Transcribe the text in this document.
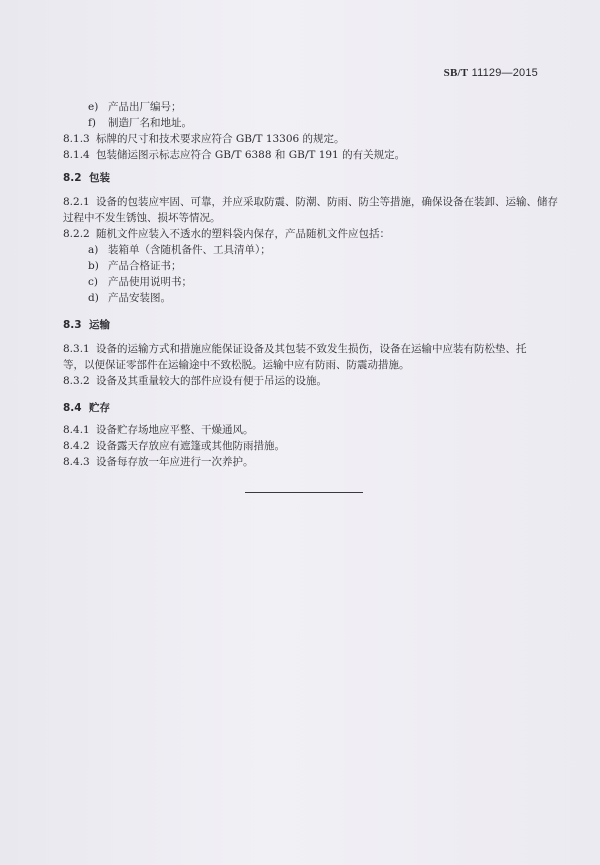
SB/T 11129—2015
e) 产品出厂编号；
f) 制造厂名和地址。
8.1.3 标牌的尺寸和技术要求应符合 GB/T 13306 的规定。
8.1.4 包装储运图示标志应符合 GB/T 6388 和 GB/T 191 的有关规定。
8.2 包装
8.2.1 设备的包装应牢固、可靠，并应采取防震、防潮、防雨、防尘等措施，确保设备在装卸、运输、储存
过程中不发生锈蚀、损坏等情况。
8.2.2 随机文件应装入不透水的塑料袋内保存，产品随机文件应包括：
a) 装箱单（含随机备件、工具清单）；
b) 产品合格证书；
c) 产品使用说明书；
d) 产品安装图。
8.3 运输
8.3.1 设备的运输方式和措施应能保证设备及其包装不致发生损伤，设备在运输中应装有防松垫、托
等，以便保证零部件在运输途中不致松脱。运输中应有防雨、防震动措施。
8.3.2 设备及其重量较大的部件应设有便于吊运的设施。
8.4 贮存
8.4.1 设备贮存场地应平整、干燥通风。
8.4.2 设备露天存放应有遮篷或其他防雨措施。
8.4.3 设备每存放一年应进行一次养护。
